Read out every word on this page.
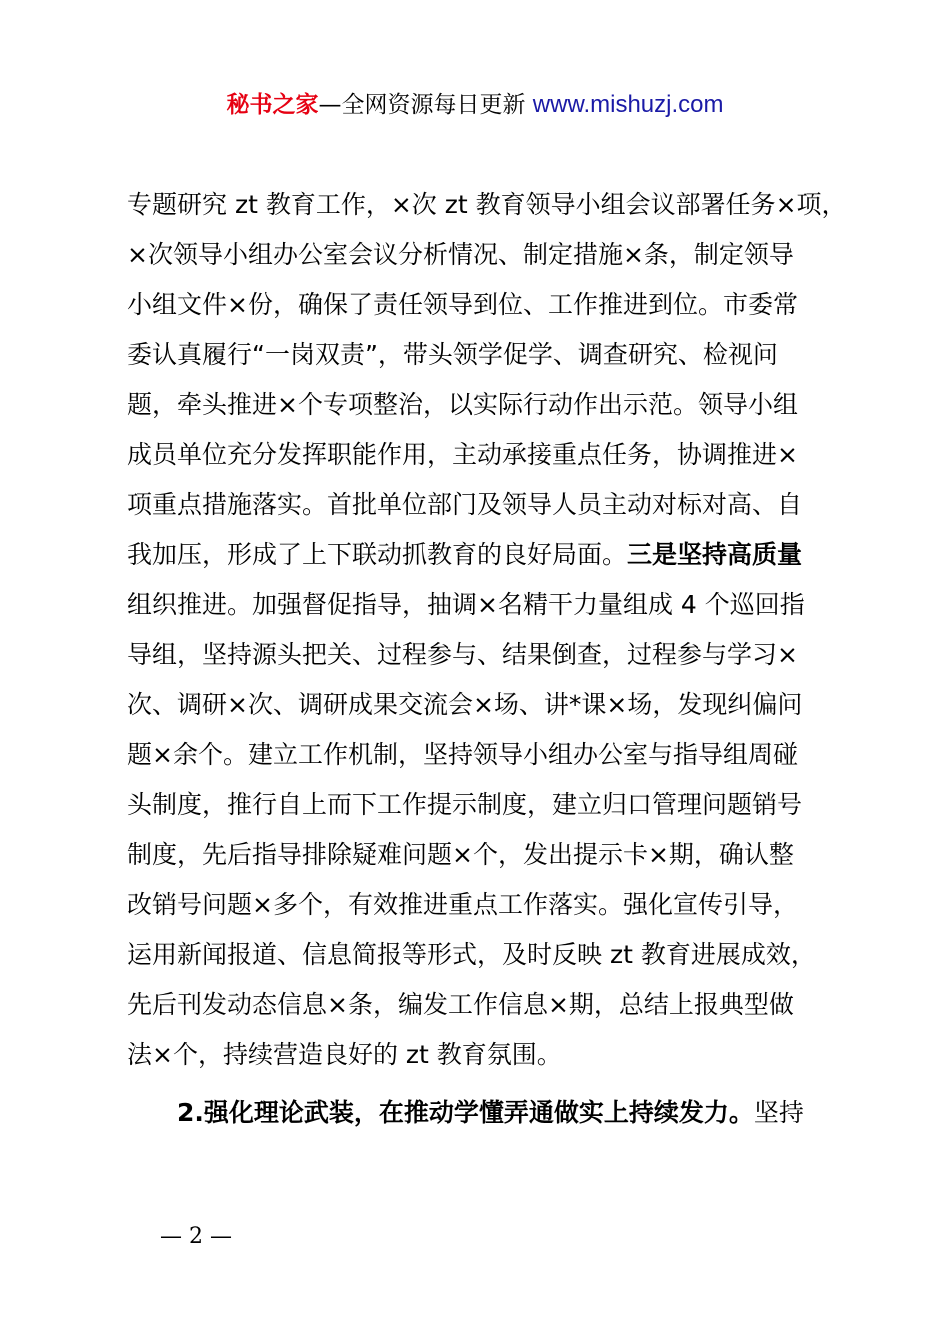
秘书之家—全网资源每日更新 www.mishuzj.com
专题研究 zt 教育工作，×次 zt 教育领导小组会议部署任务×项，
×次领导小组办公室会议分析情况、制定措施×条，制定领导
小组文件×份，确保了责任领导到位、工作推进到位。市委常
委认真履行“一岗双责”，带头领学促学、调查研究、检视问
题，牵头推进×个专项整治，以实际行动作出示范。领导小组
成员单位充分发挥职能作用，主动承接重点任务，协调推进×
项重点措施落实。首批单位部门及领导人员主动对标对高、自
我加压，形成了上下联动抓教育的良好局面。三是坚持高质量
组织推进。加强督促指导，抽调×名精干力量组成 4 个巡回指
导组，坚持源头把关、过程参与、结果倒查，过程参与学习×
次、调研×次、调研成果交流会×场、讲*课×场，发现纠偏问
题×余个。建立工作机制，坚持领导小组办公室与指导组周碰
头制度，推行自上而下工作提示制度，建立归口管理问题销号
制度，先后指导排除疑难问题×个，发出提示卡×期，确认整
改销号问题×多个，有效推进重点工作落实。强化宣传引导，
运用新闻报道、信息简报等形式，及时反映 zt 教育进展成效，
先后刊发动态信息×条，编发工作信息×期，总结上报典型做
法×个，持续营造良好的 zt 教育氛围。
2.强化理论武装，在推动学懂弄通做实上持续发力。坚持
— 2 —
